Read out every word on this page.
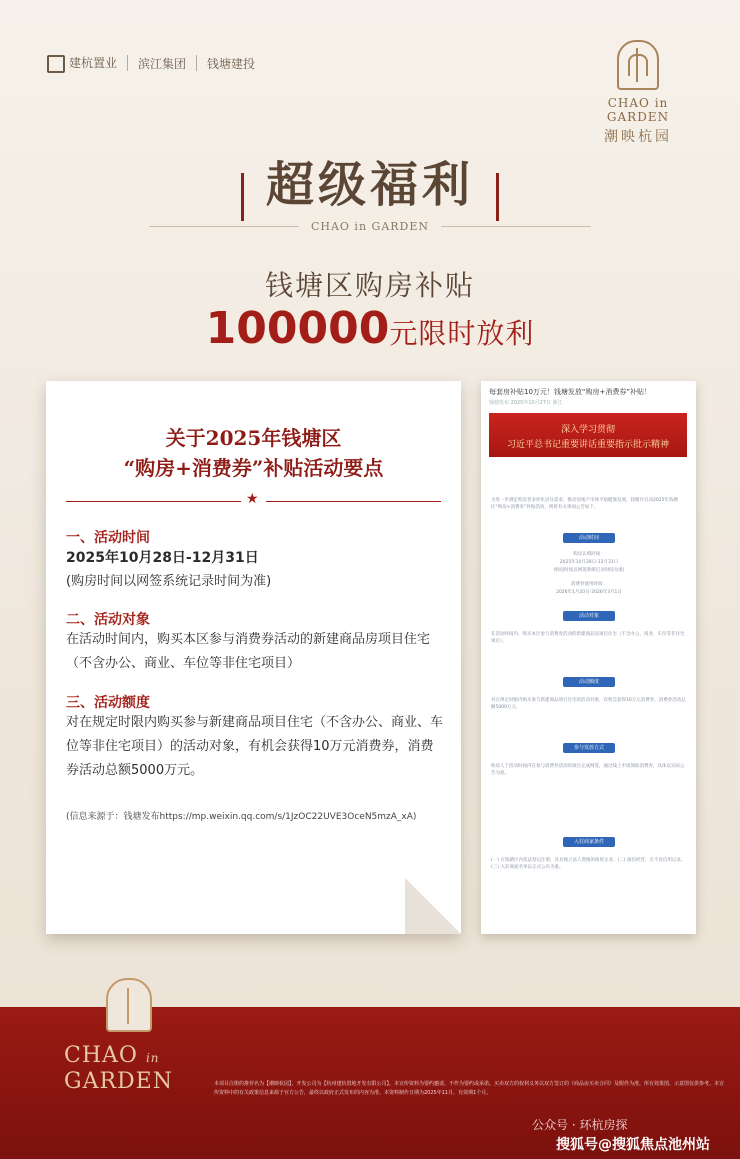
建杭置业 滨江集团 钱塘建投
CHAO in GARDEN
潮映杭园
超级福利
CHAO in GARDEN
钱塘区购房补贴
100000元限时放利
关于2025年钱塘区
“购房+消费券”补贴活动要点
★
一、活动时间
2025年10月28日-12月31日
(购房时间以网签系统记录时间为准)
二、活动对象
在活动时间内，购买本区参与消费券活动的新建商品房项目住宅（不含办公、商业、车位等非住宅项目）
三、活动额度
对在规定时限内购买参与新建商品项目住宅（不含办公、商业、车位等非住宅项目）的活动对象，有机会获得10万元消费券，消费券活动总额5000万元。
(信息来源于：钱塘发布https://mp.weixin.qq.com/s/1JzOC22UVE3OceN5mzA_xA)
每套房补贴10万元！钱塘发放“购房+消费券”补贴！
钱塘发布 2025年10月27日 浙江
深入学习贯彻
习近平总书记重要讲话重要指示批示精神
为进一步满足购房者多样化居住需求，推动房地产市场平稳健康发展，钱塘区启动2025年钱塘区“购房+消费券”补贴活动，现将有关事项公告如下。
活动时间
购房认购时间：
2025年10月28日-12月31日
(购房时间以网签系统记录时间为准)
消费券使用时间：
2026年1月20日-2026年3月1日
活动对象
在活动时间内，购买本区参与消费券活动的新建商品房项目住宅（不含办公、商业、车位等非住宅项目）。
活动额度
对在规定时限内购买参与新建商品项目住宅的活动对象，有机会获得10万元消费券，消费券活动总额5000万元。
参与发放方式
购房人于活动时间内在参与消费券活动的项目完成网签，通过线上申请领取消费券，具体以实际公告为准。
入驻商家条件
(一) 在钱塘区内依法登记注册，具有独立法人资格的商贸企业。(二) 诚信经营，无不良信用记录。(三) 入驻商家名单以正式公布为准。
CHAO in
GARDEN	本项目注册的推荐名为【潮映杭园】，开发公司为【杭州建杭置地开发有限公司】。本宣传资料为要约邀请，不作为要约或承诺。买卖双方的权利义务以双方签订的《商品房买卖合同》及附件为准。所有效果图、示意图仅供参考。本宣传资料中的有关政策信息来源于官方公告，最终以政府正式发布的内容为准。本资料制作日期为2025年11月，有效期1个月。
公众号 · 环杭房探
搜狐号@搜狐焦点池州站
